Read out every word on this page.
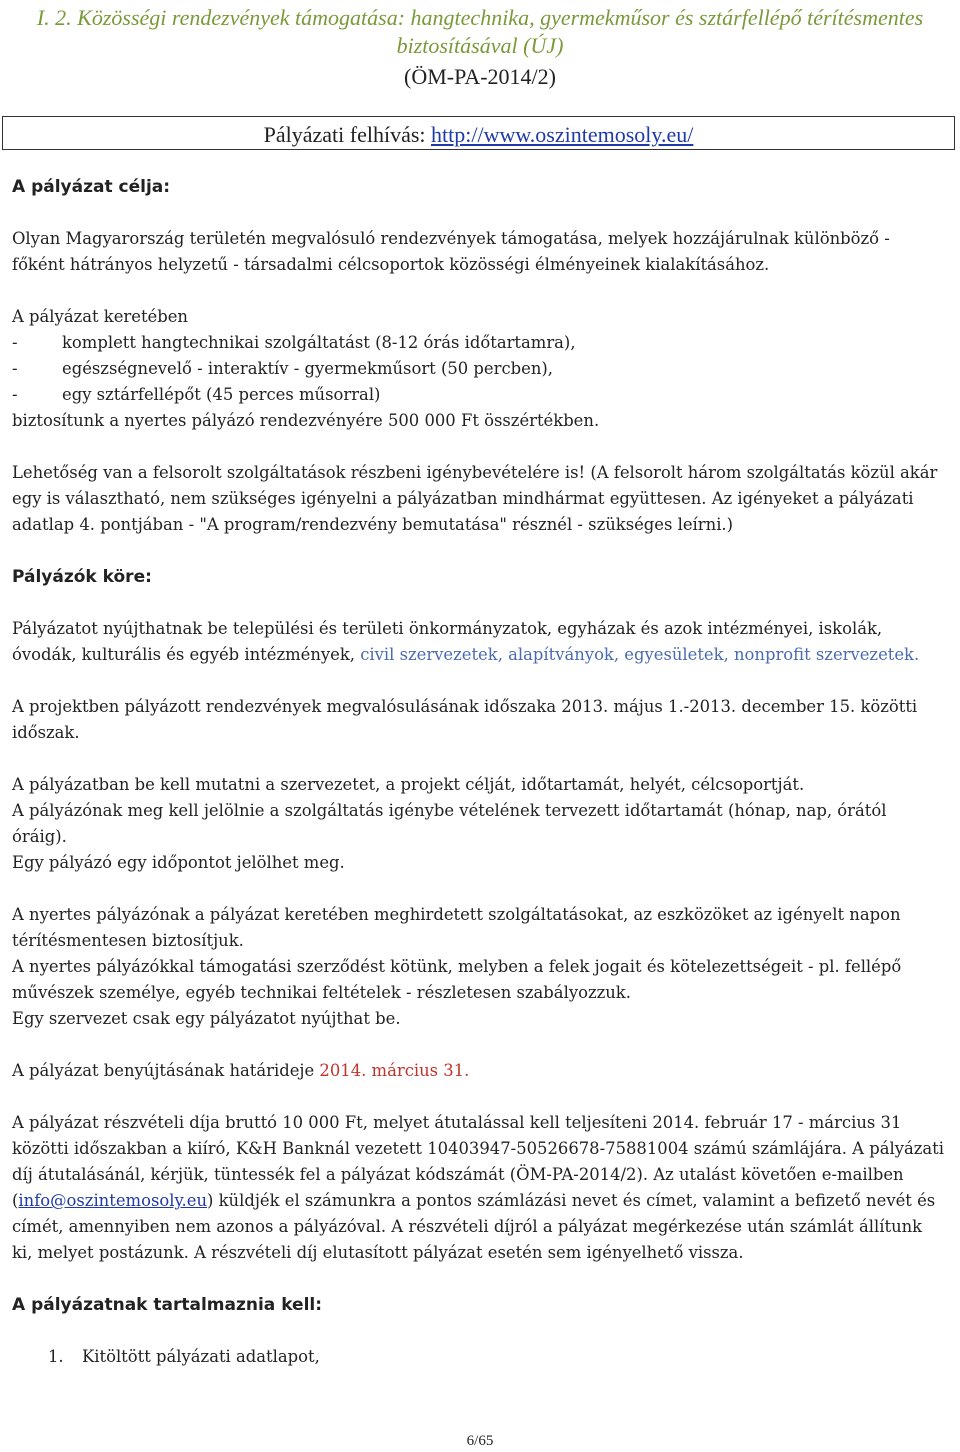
I. 2. Közösségi rendezvények támogatása: hangtechnika, gyermekműsor és sztárfellépő térítésmentes biztosításával (ÚJ)

(ÖM-PA-2014/2)

Pályázati felhívás: http://www.oszintemosoly.eu/

A pályázat célja:

Olyan Magyarország területén megvalósuló rendezvények támogatása, melyek hozzájárulnak különböző - főként hátrányos helyzetű - társadalmi célcsoportok közösségi élményeinek kialakításához.

A pályázat keretében

-	komplett hangtechnikai szolgáltatást (8-12 órás időtartamra),
-	egészségnevelő - interaktív - gyermekműsort (50 percben),
-	egy sztárfellépőt (45 perces műsorral)

biztosítunk a nyertes pályázó rendezvényére 500 000 Ft összértékben.

Lehetőség van a felsorolt szolgáltatások részbeni igénybevételére is! (A felsorolt három szolgáltatás közül akár egy is választható, nem szükséges igényelni a pályázatban mindhármat együttesen. Az igényeket a pályázati adatlap 4. pontjában - "A program/rendezvény bemutatása" résznél - szükséges leírni.)

Pályázók köre:

Pályázatot nyújthatnak be települési és területi önkormányzatok, egyházak és azok intézményei, iskolák, óvodák, kulturális és egyéb intézmények, civil szervezetek, alapítványok, egyesületek, nonprofit szervezetek.

A projektben pályázott rendezvények megvalósulásának időszaka 2013. május 1.-2013. december 15. közötti időszak.

A pályázatban be kell mutatni a szervezetet, a projekt célját, időtartamát, helyét, célcsoportját.

A pályázónak meg kell jelölnie a szolgáltatás igénybe vételének tervezett időtartamát (hónap, nap, órától óráig).

Egy pályázó egy időpontot jelölhet meg.

A nyertes pályázónak a pályázat keretében meghirdetett szolgáltatásokat, az eszközöket az igényelt napon térítésmentesen biztosítjuk.

A nyertes pályázókkal támogatási szerződést kötünk, melyben a felek jogait és kötelezettségeit - pl. fellépő művészek személye, egyéb technikai feltételek - részletesen szabályozzuk.

Egy szervezet csak egy pályázatot nyújthat be.

A pályázat benyújtásának határideje 2014. március 31.

A pályázat részvételi díja bruttó 10 000 Ft, melyet átutalással kell teljesíteni 2014. február 17 - március 31 közötti időszakban a kiíró, K&H Banknál vezetett 10403947-50526678-75881004 számú számlájára. A pályázati díj átutalásánál, kérjük, tüntessék fel a pályázat kódszámát (ÖM-PA-2014/2). Az utalást követően e-mailben (info@oszintemosoly.eu) küldjék el számunkra a pontos számlázási nevet és címet, valamint a befizető nevét és címét, amennyiben nem azonos a pályázóval. A részvételi díjról a pályázat megérkezése után számlát állítunk ki, melyet postázunk. A részvételi díj elutasított pályázat esetén sem igényelhető vissza.

A pályázatnak tartalmaznia kell:

1. Kitöltött pályázati adatlapot,
6/65
